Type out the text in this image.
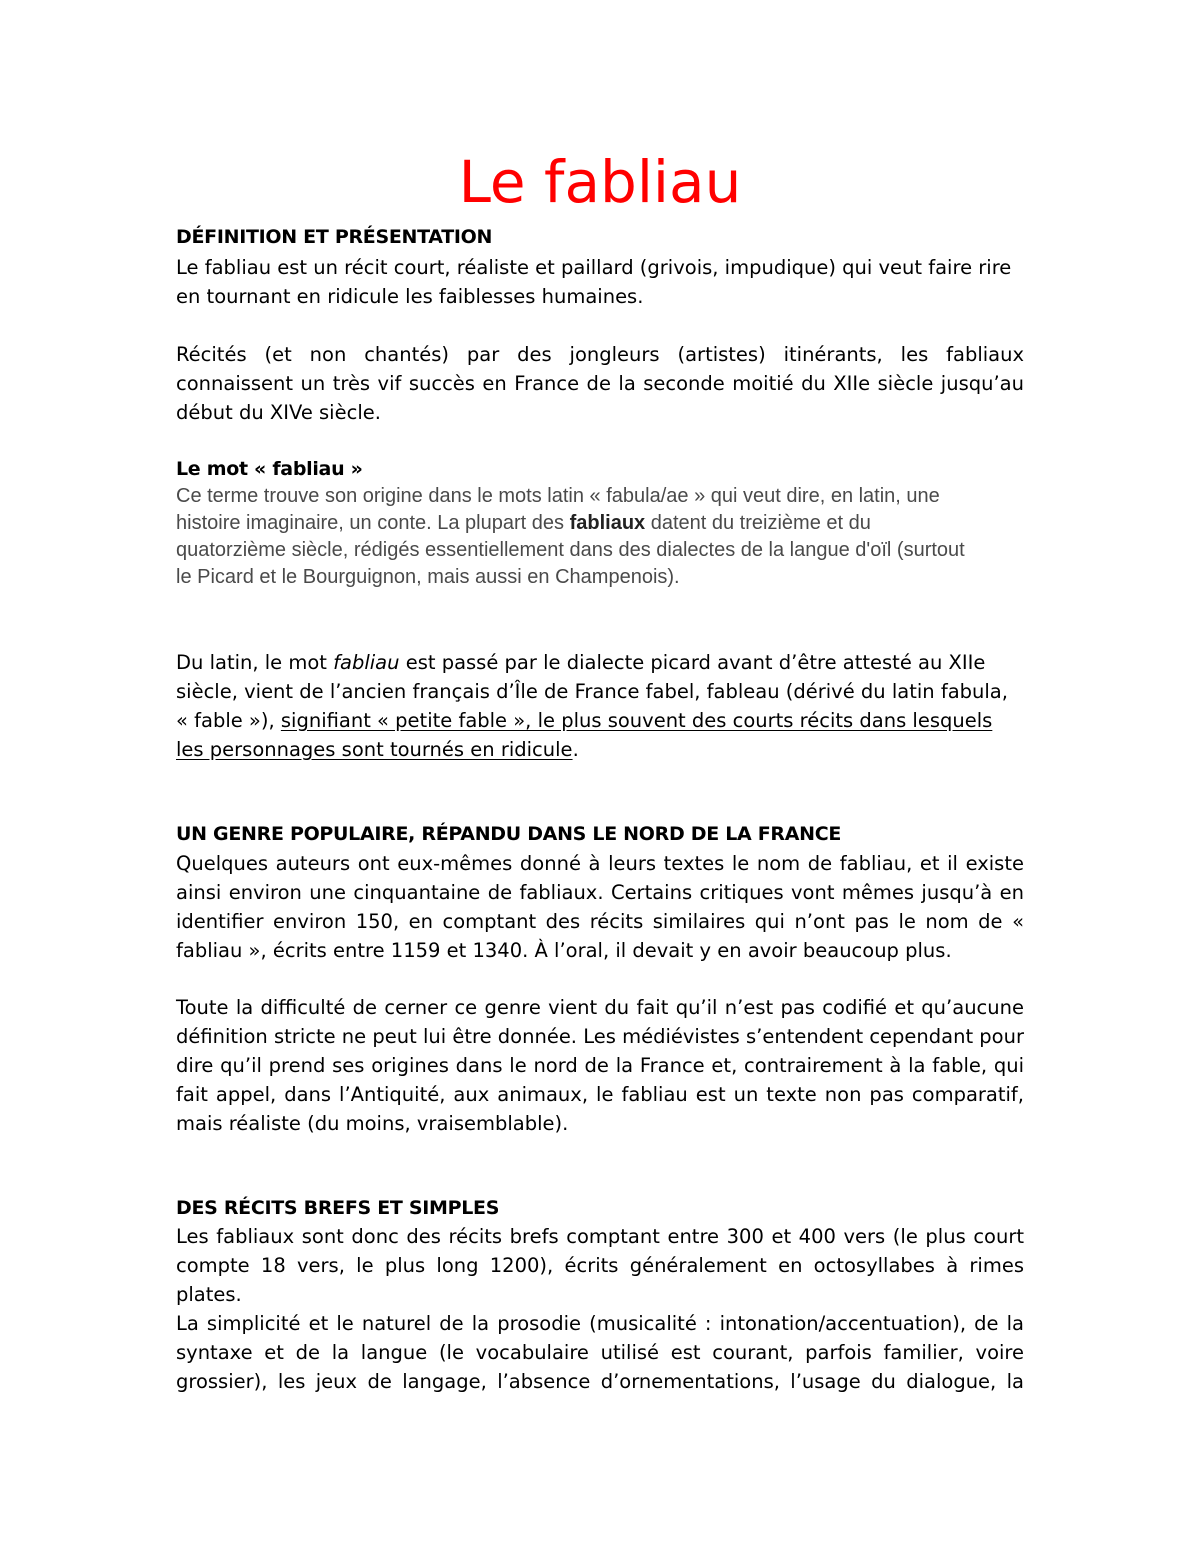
Le fabliau
DÉFINITION ET PRÉSENTATION

Le fabliau est un récit court, réaliste et paillard (grivois, impudique) qui veut faire rire en tournant en ridicule les faiblesses humaines.

Récités (et non chantés) par des jongleurs (artistes) itinérants, les fabliaux connaissent un très vif succès en France de la seconde moitié du XIIe siècle jusqu’au début du XIVe siècle.

Le mot « fabliau »

Ce terme trouve son origine dans le mots latin « fabula/ae » qui veut dire, en latin, une histoire imaginaire, un conte. La plupart des fabliaux datent du treizième et du quatorzième siècle, rédigés essentiellement dans des dialectes de la langue d'oïl (surtout le Picard et le Bourguignon, mais aussi en Champenois).

Du latin, le mot fabliau est passé par le dialecte picard avant d’être attesté au XIIe siècle, vient de l’ancien français d’Île de France fabel, fableau (dérivé du latin fabula, « fable »), signifiant « petite fable », le plus souvent des courts récits dans lesquels les personnages sont tournés en ridicule.

UN GENRE POPULAIRE, RÉPANDU DANS LE NORD DE LA FRANCE

Quelques auteurs ont eux-mêmes donné à leurs textes le nom de fabliau, et il existe ainsi environ une cinquantaine de fabliaux. Certains critiques vont mêmes jusqu’à en identifier environ 150, en comptant des récits similaires qui n’ont pas le nom de « fabliau », écrits entre 1159 et 1340. À l’oral, il devait y en avoir beaucoup plus.

Toute la difficulté de cerner ce genre vient du fait qu’il n’est pas codifié et qu’aucune définition stricte ne peut lui être donnée. Les médiévistes s’entendent cependant pour dire qu’il prend ses origines dans le nord de la France et, contrairement à la fable, qui fait appel, dans l’Antiquité, aux animaux, le fabliau est un texte non pas comparatif, mais réaliste (du moins, vraisemblable).

DES RÉCITS BREFS ET SIMPLES

Les fabliaux sont donc des récits brefs comptant entre 300 et 400 vers (le plus court compte 18 vers, le plus long 1200), écrits généralement en octosyllabes à rimes plates.

La simplicité et le naturel de la prosodie (musicalité : intonation/accentuation), de la syntaxe et de la langue (le vocabulaire utilisé est courant, parfois familier, voire grossier), les jeux de langage, l’absence d’ornementations, l’usage du dialogue, la
